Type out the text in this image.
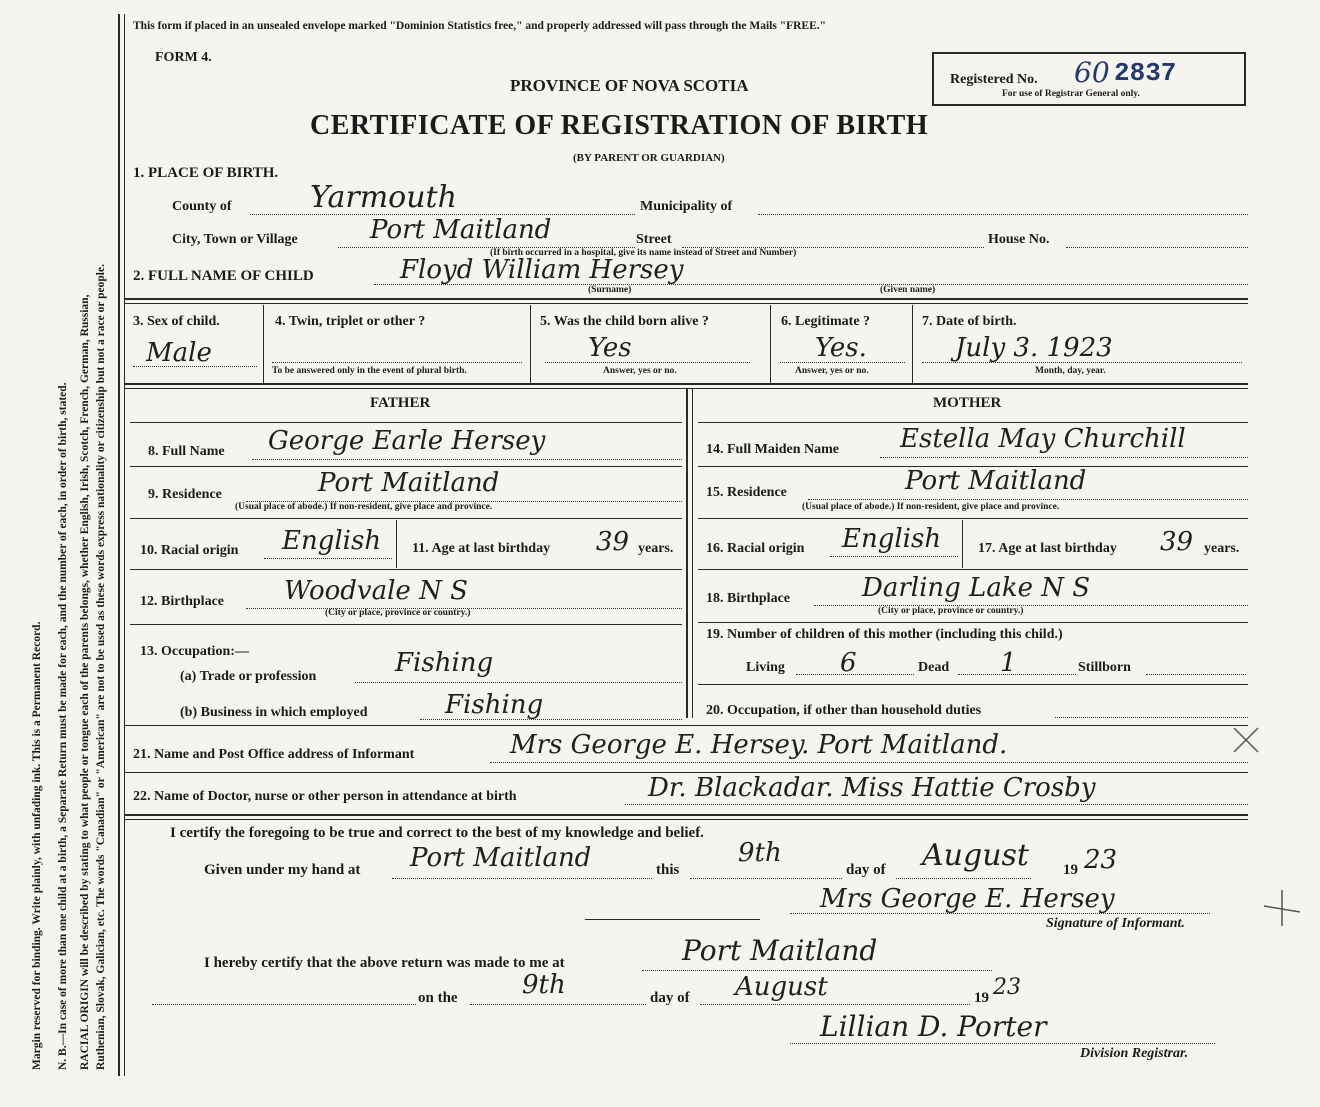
Margin reserved for binding. Write plainly, with unfading ink. This is a Permanent Record. N. B.—In case of more than one child at a birth, a Separate Return must be made for each, and the number of each, in order of birth, stated. RACIAL ORIGIN will be described by stating to what people or tongue each of the parents belongs, whether English, Irish, Scotch, French, German, Russian, Ruthenian, Slovak, Galician, etc. The words "Canadian" or "American" are not to be used as these words express nationality or citizenship but not a race or people.
This form if placed in an unsealed envelope marked "Dominion Statistics free," and properly addressed will pass through the Mails "FREE."
FORM 4.
PROVINCE OF NOVA SCOTIA
CERTIFICATE OF REGISTRATION OF BIRTH
(BY PARENT OR GUARDIAN)
Registered No. 60 2837
For use of Registrar General only.
1. PLACE OF BIRTH.
County of	Yarmouth	Municipality of
City, Town or Village	Port Maitland	Street
(If birth occurred in a hospital, give its name instead of Street and Number)
House No.
2. FULL NAME OF CHILD	Floyd William Hersey
(Surname)	(Given name)
3. Sex of child.
Male
4. Twin, triplet or other ?
To be answered only in the event of plural birth.
5. Was the child born alive ?
Yes
Answer, yes or no.
6. Legitimate ?
Yes.
Answer, yes or no.
7. Date of birth.
July 3. 1923
Month, day, year.
FATHER
8. Full Name George Earle Hersey
9. Residence	Port Maitland
(Usual place of abode.) If non-resident, give place and province.
10. Racial origin English 11. Age at last birthday 39 years.
12. Birthplace Woodvale N S
(City or place, province or country.)
13. Occupation:—
(a) Trade or profession	Fishing
(b) Business in which employed	Fishing
MOTHER
14. Full Maiden Name Estella May Churchill
15. Residence	Port Maitland
(Usual place of abode.) If non-resident, give place and province.
16. Racial origin English	17. Age at last birthday 39 years.
18. Birthplace	Darling Lake N S
(City or place, province or country.)
19. Number of children of this mother (including this child.)
Living 6	Dead 1	Stillborn
20. Occupation, if other than household duties
21. Name and Post Office address of Informant	Mrs George E. Hersey. Port Maitland.
22. Name of Doctor, nurse or other person in attendance at birth	Dr. Blackadar. Miss Hattie Crosby
I certify the foregoing to be true and correct to the best of my knowledge and belief.
Given under my hand at Port Maitland	this
9th
day of August 19 23
Mrs George E. Hersey
Signature of Informant.
I hereby certify that the above return was made to me at	Port Maitland
on the 9th	day of August	19 23
Lillian D. Porter
Division Registrar.
